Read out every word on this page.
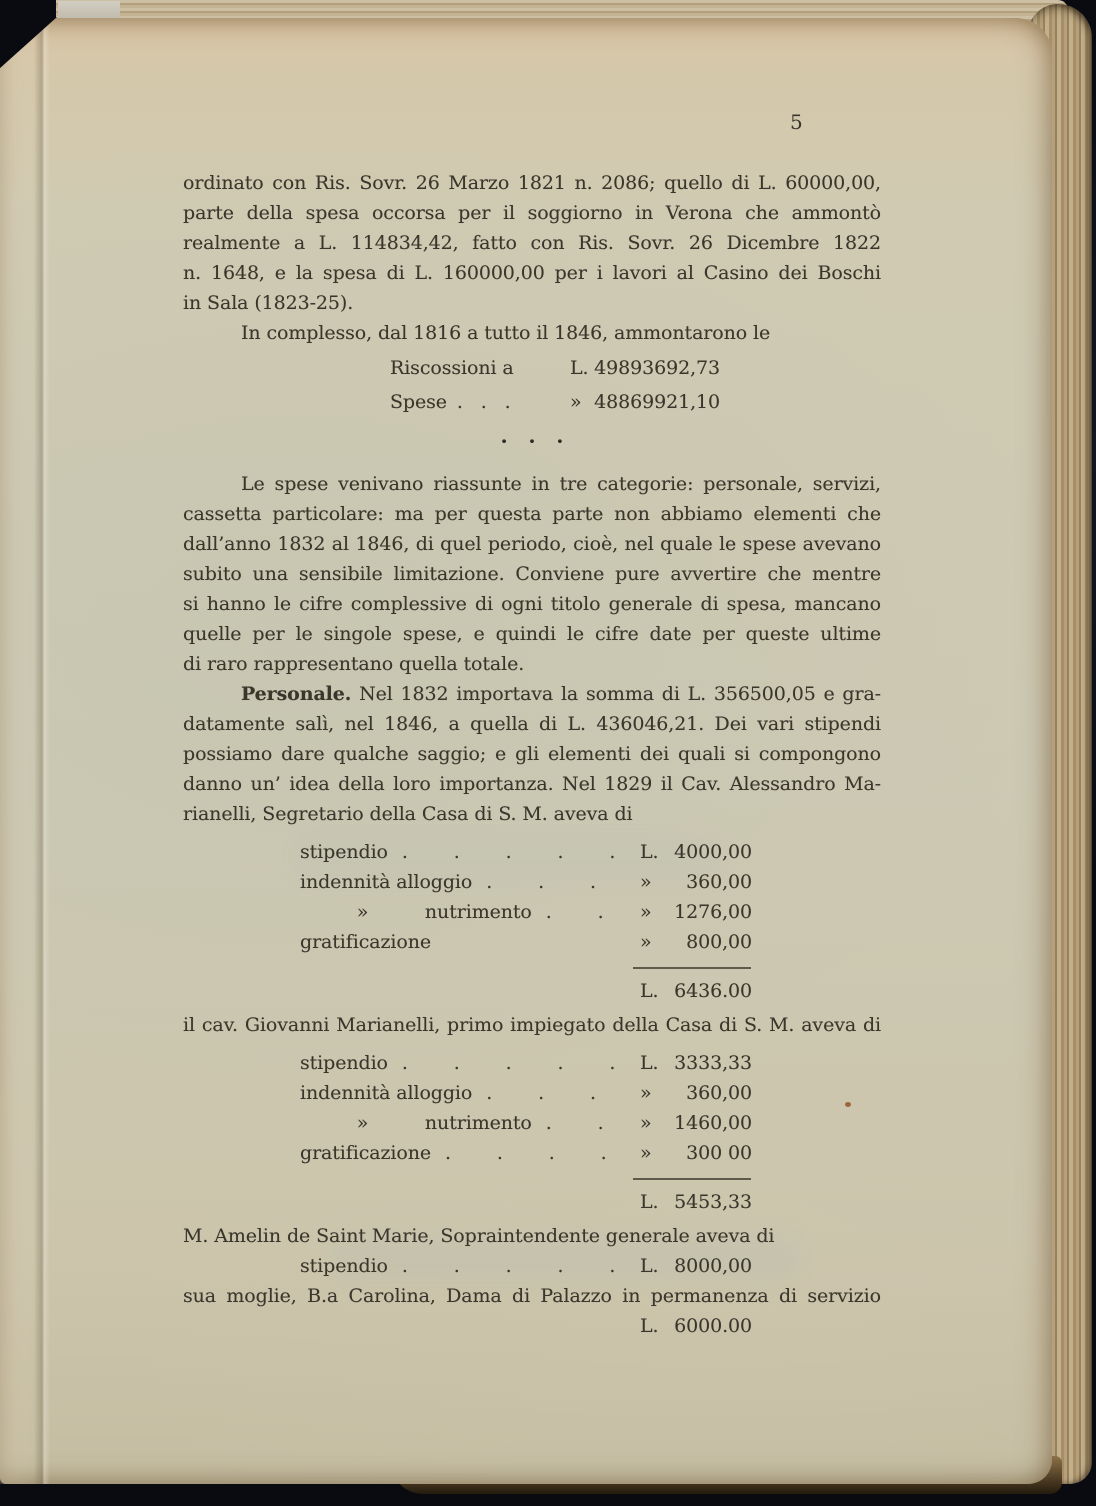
5
ordinato con Ris. Sovr. 26 Marzo 1821 n. 2086; quello di L. 60000,00,
parte della spesa occorsa per il soggiorno in Verona che ammontò
realmente a L. 114834,42, fatto con Ris. Sovr. 26 Dicembre 1822
n. 1648, e la spesa di L. 160000,00 per i lavori al Casino dei Boschi
in Sala (1823-25).
In complesso, dal 1816 a tutto il 1846, ammontarono le
Riscossioni a	L. 49893692,73
Spese . . .	» 48869921,10
· · ·
Le spese venivano riassunte in tre categorie: personale, servizi,
cassetta particolare: ma per questa parte non abbiamo elementi che
dall’anno 1832 al 1846, di quel periodo, cioè, nel quale le spese avevano
subito una sensibile limitazione. Conviene pure avvertire che mentre
si hanno le cifre complessive di ogni titolo generale di spesa, mancano
quelle per le singole spese, e quindi le cifre date per queste ultime
di raro rappresentano quella totale.
Personale. Nel 1832 importava la somma di L. 356500,05 e gra-
datamente salì, nel 1846, a quella di L. 436046,21. Dei vari stipendi
possiamo dare qualche saggio; e gli elementi dei quali si compongono
danno un’ idea della loro importanza. Nel 1829 il Cav. Alessandro Ma-
rianelli, Segretario della Casa di S. M. aveva di
stipendio . . . . .	L. 4000,00
indennità alloggio . . .	» 360,00
   »   nutrimento . .	» 1276,00
gratificazione	» 800,00
L. 6436.00
il cav. Giovanni Marianelli, primo impiegato della Casa di S. M. aveva di
stipendio . . . . .	L. 3333,33
indennità alloggio . . .	» 360,00
   »   nutrimento . .	» 1460,00
gratificazione . . . .	» 300 00
L. 5453,33
M. Amelin de Saint Marie, Sopraintendente generale aveva di
stipendio . . . . .	L. 8000,00
sua moglie, B.a Carolina, Dama di Palazzo in permanenza di servizio
L. 6000.00
